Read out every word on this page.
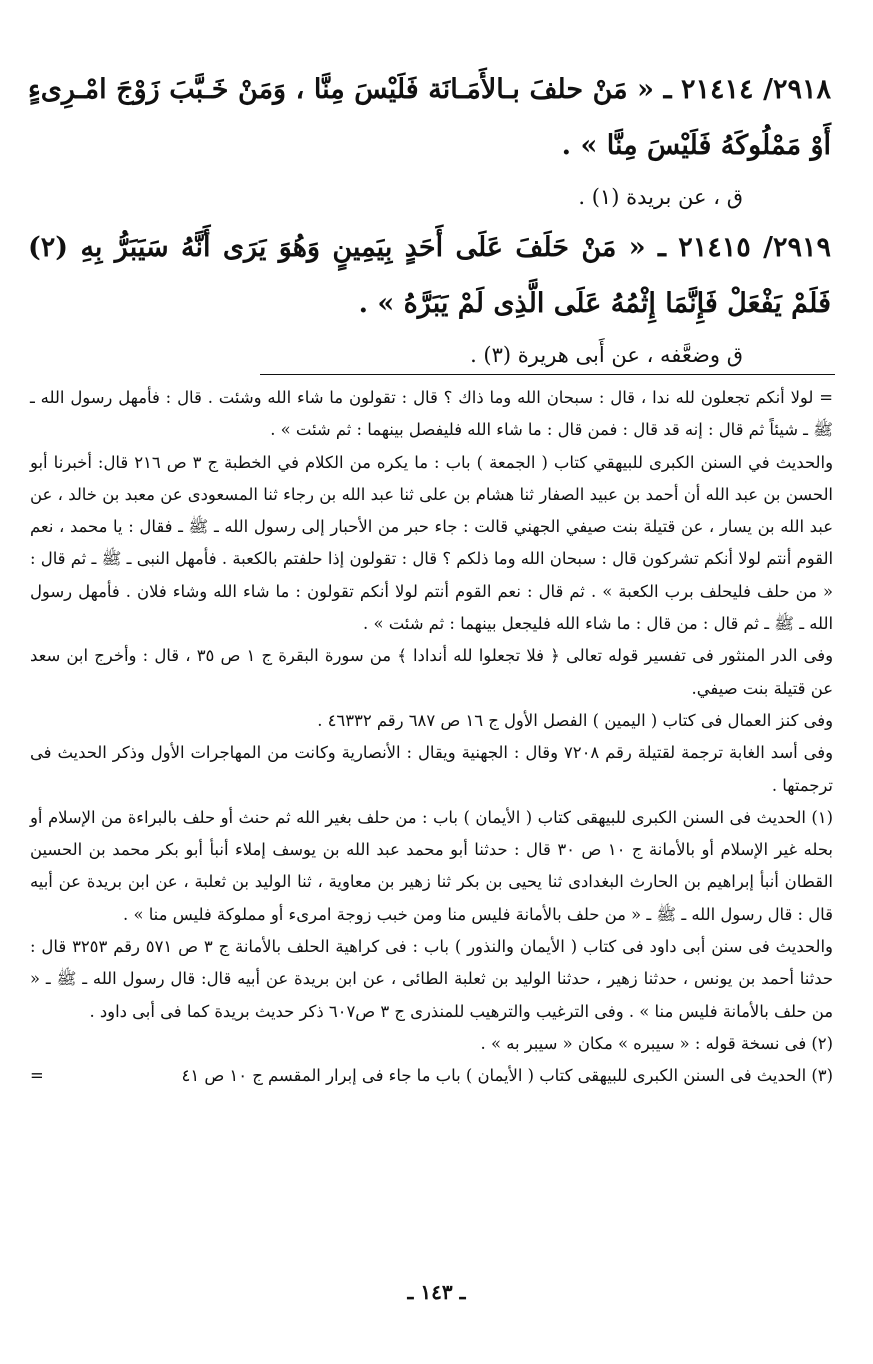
٢٩١٨/ ٢١٤١٤ ـ « مَنْ حلفَ بـالأَمَـانَة فَلَيْسَ مِنَّا ، وَمَنْ خَـبَّبَ زَوْجَ امْـرِىءٍ أَوْ مَمْلُوكَهُ فَلَيْسَ مِنَّا » .
ق ، عن بريدة (١) .
٢٩١٩/ ٢١٤١٥ ـ « مَنْ حَلَفَ عَلَى أَحَدٍ بِيَمِينٍ وَهُوَ يَرَى أَنَّهُ سَيَبَرُّ بِهِ (٢) فَلَمْ يَفْعَلْ فَإِنَّمَا إِثْمُهُ عَلَى الَّذِى لَمْ يَبَرَّهُ » .
ق وضعَّفه ، عن أَبى هريرة (٣) .

= لولا أنكم تجعلون لله ندا ، قال : سبحان الله وما ذاك ؟ قال : تقولون ما شاء الله وشئت . قال : فأمهل رسول الله ـ ﷺ ـ شيئاً ثم قال : إنه قد قال : فمن قال : ما شاء الله فليفصل بينهما : ثم شئت » .

والحديث في السنن الكبرى للبيهقي كتاب ( الجمعة ) باب : ما يكره من الكلام في الخطبة ج ٣ ص ٢١٦ قال: أخبرنا أبو الحسن بن عبد الله أن أحمد بن عبيد الصفار ثنا هشام بن على ثنا عبد الله بن رجاء ثنا المسعودى عن معبد بن خالد ، عن عبد الله بن يسار ، عن قتيلة بنت صيفي الجهني قالت : جاء حبر من الأحبار إلى رسول الله ـ ﷺ ـ فقال : يا محمد ، نعم القوم أنتم لولا أنكم تشركون قال : سبحان الله وما ذلكم ؟ قال : تقولون إذا حلفتم بالكعبة . فأمهل النبى ـ ﷺ ـ ثم قال : « من حلف فليحلف برب الكعبة » . ثم قال : نعم القوم أنتم لولا أنكم تقولون : ما شاء الله وشاء فلان . فأمهل رسول الله ـ ﷺ ـ ثم قال : من قال : ما شاء الله فليجعل بينهما : ثم شئت » .

وفى الدر المنثور فى تفسير قوله تعالى ﴿ فلا تجعلوا لله أندادا ﴾ من سورة البقرة ج ١ ص ٣٥ ، قال : وأخرج ابن سعد عن قتيلة بنت صيفي.

وفى كنز العمال فى كتاب ( اليمين ) الفصل الأول ج ١٦ ص ٦٨٧ رقم ٤٦٣٣٢ .

وفى أسد الغابة ترجمة لقتيلة رقم ٧٢٠٨ وقال : الجهنية ويقال : الأنصارية وكانت من المهاجرات الأول وذكر الحديث فى ترجمتها .

(١) الحديث فى السنن الكبرى للبيهقى كتاب ( الأيمان ) باب : من حلف بغير الله ثم حنث أو حلف بالبراءة من الإسلام أو بحله غير الإسلام أو بالأمانة ج ١٠ ص ٣٠ قال : حدثنا أبو محمد عبد الله بن يوسف إملاء أنبأ أبو بكر محمد بن الحسين القطان أنبأ إبراهيم بن الحارث البغدادى ثنا يحيى بن بكر ثنا زهير بن معاوية ، ثنا الوليد بن ثعلبة ، عن ابن بريدة عن أبيه قال : قال رسول الله ـ ﷺ ـ « من حلف بالأمانة فليس منا ومن خبب زوجة امرىء أو مملوكة فليس منا » .

والحديث فى سنن أبى داود فى كتاب ( الأيمان والنذور ) باب : فى كراهية الحلف بالأمانة ج ٣ ص ٥٧١ رقم ٣٢٥٣ قال : حدثنا أحمد بن يونس ، حدثنا زهير ، حدثنا الوليد بن ثعلبة الطائى ، عن ابن بريدة عن أبيه قال: قال رسول الله ـ ﷺ ـ « من حلف بالأمانة فليس منا » . وفى الترغيب والترهيب للمنذرى ج ٣ ص٦٠٧ ذكر حديث بريدة كما فى أبى داود .

(٢) فى نسخة قوله : « سيبره » مكان « سيبر به » .

(٣) الحديث فى السنن الكبرى للبيهقى كتاب ( الأيمان ) باب ما جاء فى إبرار المقسم ج ١٠ ص ٤١
=
ـ ١٤٣ ـ
